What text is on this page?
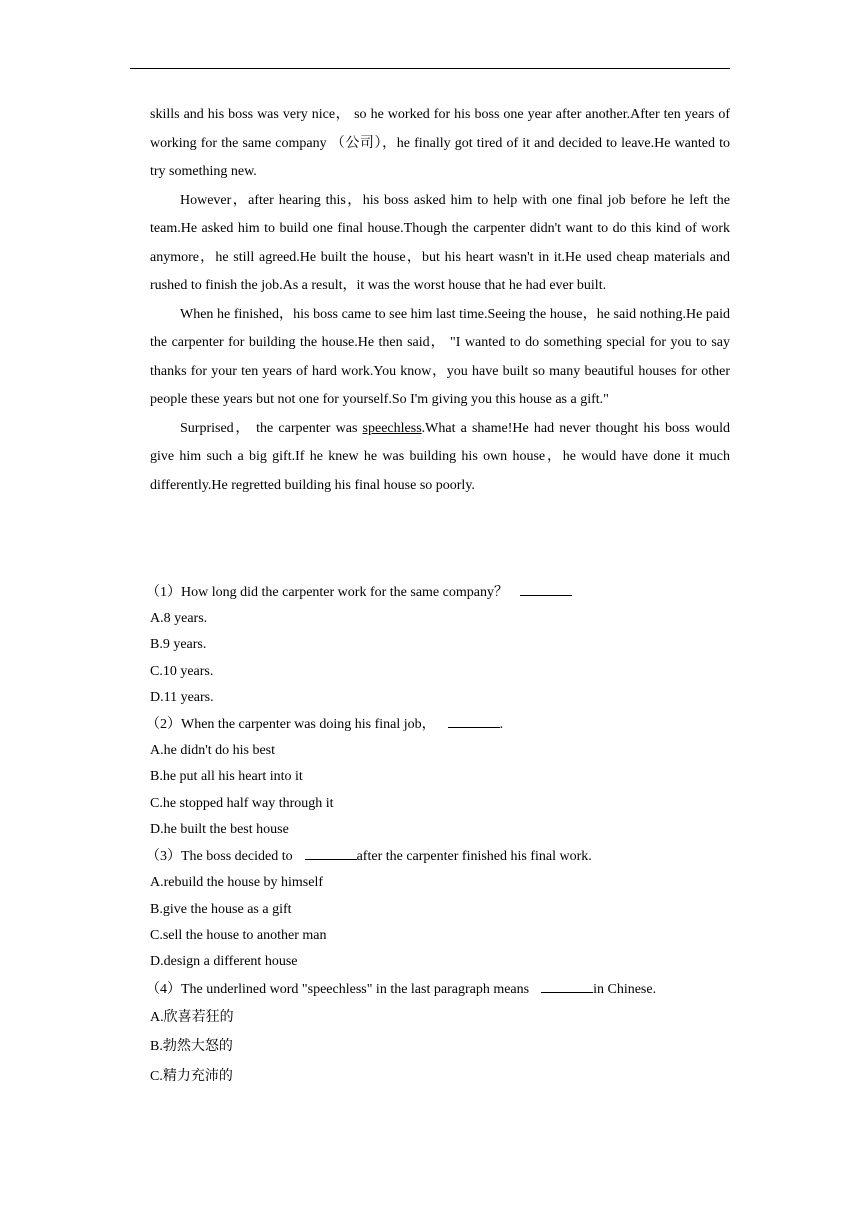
skills and his boss was very nice， so he worked for his boss one year after another.After ten years of working for the same company （公司），he finally got tired of it and decided to leave.He wanted to try something new.

However，after hearing this，his boss asked him to help with one final job before he left the team.He asked him to build one final house.Though the carpenter didn't want to do this kind of work anymore，he still agreed.He built the house，but his heart wasn't in it.He used cheap materials and rushed to finish the job.As a result，it was the worst house that he had ever built.

When he finished，his boss came to see him last time.Seeing the house，he said nothing.He paid the carpenter for building the house.He then said， "I wanted to do something special for you to say thanks for your ten years of hard work.You know，you have built so many beautiful houses for other people these years but not one for yourself.So I'm giving you this house as a gift."

Surprised， the carpenter was speechless.What a shame!He had never thought his boss would give him such a big gift.If he knew he was building his own house，he would have done it much differently.He regretted building his final house so poorly.

（1）How long did the carpenter work for the same company？
A.8 years.
B.9 years.
C.10 years.
D.11 years.
（2）When the carpenter was doing his final job，	.
A.he didn't do his best
B.he put all his heart into it
C.he stopped half way through it
D.he built the best house
（3）The boss decided to	after the carpenter finished his final work.
A.rebuild the house by himself
B.give the house as a gift
C.sell the house to another man
D.design a different house
（4）The underlined word "speechless" in the last paragraph means	in Chinese.
A.欣喜若狂的
B.勃然大怒的
C.精力充沛的
